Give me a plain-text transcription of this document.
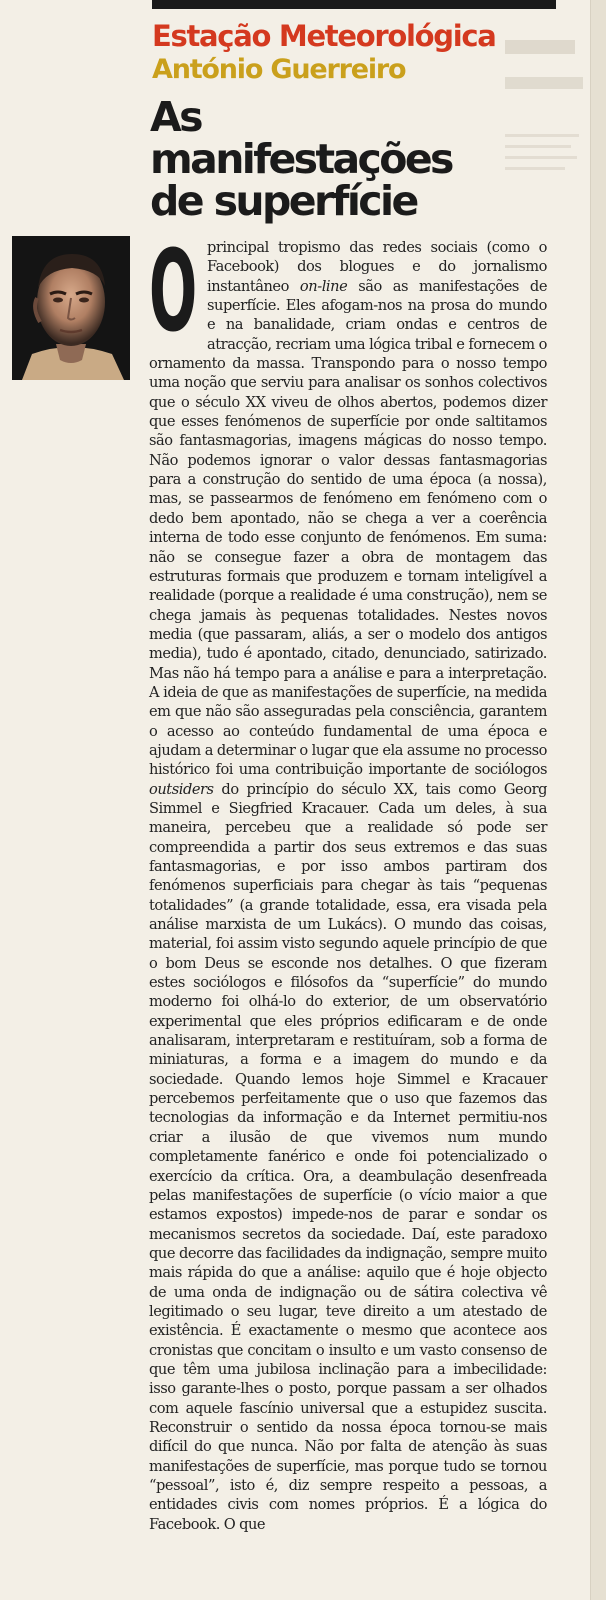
Estação Meteorológica
António Guerreiro
As manifestações de superfície
O principal tropismo das redes sociais (como o Facebook) dos blogues e do jornalismo instantâneo on-line são as manifestações de superfície. Eles afogam-nos na prosa do mundo e na banalidade, criam ondas e centros de atracção, recriam uma lógica tribal e fornecem o ornamento da massa. Transpondo para o nosso tempo uma noção que serviu para analisar os sonhos colectivos que o século XX viveu de olhos abertos, podemos dizer que esses fenómenos de superfície por onde saltitamos são fantasmagorias, imagens mágicas do nosso tempo. Não podemos ignorar o valor dessas fantasmagorias para a construção do sentido de uma época (a nossa), mas, se passearmos de fenómeno em fenómeno com o dedo bem apontado, não se chega a ver a coerência interna de todo esse conjunto de fenómenos. Em suma: não se consegue fazer a obra de montagem das estruturas formais que produzem e tornam inteligível a realidade (porque a realidade é uma construção), nem se chega jamais às pequenas totalidades. Nestes novos media (que passaram, aliás, a ser o modelo dos antigos media), tudo é apontado, citado, denunciado, satirizado. Mas não há tempo para a análise e para a interpretação. A ideia de que as manifestações de superfície, na medida em que não são asseguradas pela consciência, garantem o acesso ao conteúdo fundamental de uma época e ajudam a determinar o lugar que ela assume no processo histórico foi uma contribuição importante de sociólogos outsiders do princípio do século XX, tais como Georg Simmel e Siegfried Kracauer. Cada um deles, à sua maneira, percebeu que a realidade só pode ser compreendida a partir dos seus extremos e das suas fantasmagorias, e por isso ambos partiram dos fenómenos superficiais para chegar às tais “pequenas totalidades” (a grande totalidade, essa, era visada pela análise marxista de um Lukács). O mundo das coisas, material, foi assim visto segundo aquele princípio de que o bom Deus se esconde nos detalhes. O que fizeram estes sociólogos e filósofos da “superfície” do mundo moderno foi olhá-lo do exterior, de um observatório experimental que eles próprios edificaram e de onde analisaram, interpretaram e restituíram, sob a forma de miniaturas, a forma e a imagem do mundo e da sociedade. Quando lemos hoje Simmel e Kracauer percebemos perfeitamente que o uso que fazemos das tecnologias da informação e da Internet permitiu-nos criar a ilusão de que vivemos num mundo completamente fanérico e onde foi potencializado o exercício da crítica. Ora, a deambulação desenfreada pelas manifestações de superfície (o vício maior a que estamos expostos) impede-nos de parar e sondar os mecanismos secretos da sociedade. Daí, este paradoxo que decorre das facilidades da indignação, sempre muito mais rápida do que a análise: aquilo que é hoje objecto de uma onda de indignação ou de sátira colectiva vê legitimado o seu lugar, teve direito a um atestado de existência. É exactamente o mesmo que acontece aos cronistas que concitam o insulto e um vasto consenso de que têm uma jubilosa inclinação para a imbecilidade: isso garante-lhes o posto, porque passam a ser olhados com aquele fascínio universal que a estupidez suscita. Reconstruir o sentido da nossa época tornou-se mais difícil do que nunca. Não por falta de atenção às suas manifestações de superfície, mas porque tudo se tornou “pessoal”, isto é, diz sempre respeito a pessoas, a entidades civis com nomes próprios. É a lógica do Facebook. O que
